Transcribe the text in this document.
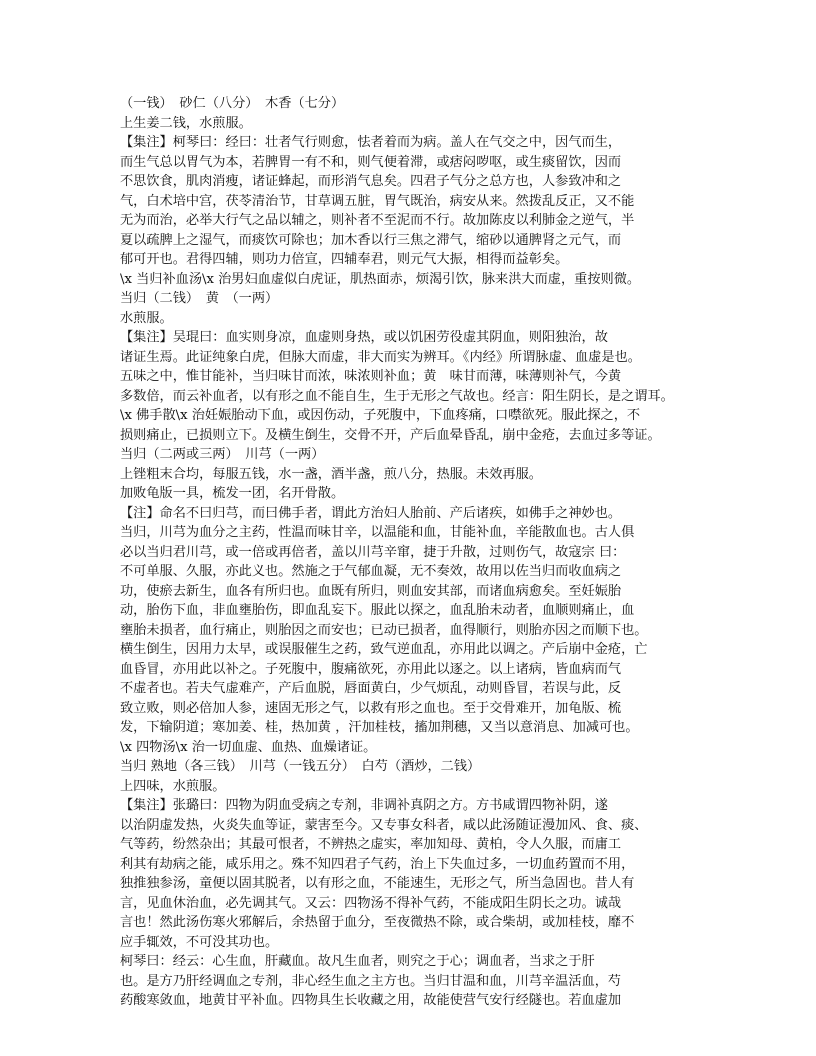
（一钱）　砂仁（八分）　木香（七分）
上生姜二钱，水煎服。
【集注】柯琴曰：经曰：壮者气行则愈，怯者着而为病。盖人在气交之中，因气而生，
而生气总以胃气为本，若脾胃一有不和，则气便着滞，或痞闷哕呕，或生痰留饮，因而
不思饮食，肌肉消瘦，诸证蜂起，而形消气息矣。四君子气分之总方也，人参致冲和之
气，白术培中宫，茯苓清治节，甘草调五脏，胃气既治，病安从来。然拨乱反正，又不能
无为而治，必举大行气之品以辅之，则补者不至泥而不行。故加陈皮以利肺金之逆气，半
夏以疏脾上之湿气，而痰饮可除也；加木香以行三焦之滞气，缩砂以通脾肾之元气，而
郁可开也。君得四辅，则功力倍宣，四辅奉君，则元气大振，相得而益彰矣。
\x 当归补血汤\x 治男妇血虚似白虎证，肌热面赤，烦渴引饮，脉来洪大而虚，重按则微。
当归（二钱）　黄　（一两）
水煎服。
【集注】吴琨曰：血实则身凉，血虚则身热，或以饥困劳役虚其阴血，则阳独治，故
诸证生焉。此证纯象白虎，但脉大而虚，非大而实为辨耳。《内经》所谓脉虚、血虚是也。
五味之中，惟甘能补，当归味甘而浓，味浓则补血；黄　味甘而薄，味薄则补气，今黄
多数倍，而云补血者，以有形之血不能自生，生于无形之气故也。经言：阳生阴长，是之谓耳。
\x 佛手散\x 治妊娠胎动下血，或因伤动，子死腹中，下血疼痛，口噤欲死。服此探之，不
损则痛止，已损则立下。及横生倒生，交骨不开，产后血晕昏乱，崩中金疮，去血过多等证。
当归（二两或三两）　川芎（一两）
上锉粗末合均，每服五钱，水一盏，酒半盏，煎八分，热服。未效再服。
加败龟版一具，梳发一团，名开骨散。
【注】命名不曰归芎，而曰佛手者，谓此方治妇人胎前、产后诸疾，如佛手之神妙也。
当归，川芎为血分之主药，性温而味甘辛，以温能和血，甘能补血，辛能散血也。古人俱
必以当归君川芎，或一倍或再倍者，盖以川芎辛窜，捷于升散，过则伤气，故寇宗 曰：
不可单服、久服，亦此义也。然施之于气郁血凝，无不奏效，故用以佐当归而收血病之
功，使瘀去新生，血各有所归也。血既有所归，则血安其部，而诸血病愈矣。至妊娠胎
动，胎伤下血，非血壅胎伤，即血乱妄下。服此以探之，血乱胎未动者，血顺则痛止，血
壅胎未损者，血行痛止，则胎因之而安也；已动已损者，血得顺行，则胎亦因之而顺下也。
横生倒生，因用力太早，或误服催生之药，致气逆血乱，亦用此以调之。产后崩中金疮，亡
血昏冒，亦用此以补之。子死腹中，腹痛欲死，亦用此以逐之。以上诸病，皆血病而气
不虚者也。若夫气虚难产，产后血脱，唇面黄白，少气烦乱，动则昏冒，若误与此，反
致立败，则必倍加人参，速固无形之气，以救有形之血也。至于交骨难开，加龟版、梳
发，下输阴道；寒加姜、桂，热加黄 ，汗加桂枝，搐加荆穗，又当以意消息、加减可也。
\x 四物汤\x 治一切血虚、血热、血燥诸证。
当归 熟地（各三钱）　川芎（一钱五分）　白芍（酒炒，二钱）
上四味，水煎服。
【集注】张璐曰：四物为阴血受病之专剂，非调补真阴之方。方书咸谓四物补阴，遂
以治阴虚发热，火炎失血等证，蒙害至今。又专事女科者，咸以此汤随证漫加风、食、痰、
气等药，纷然杂出；其最可恨者，不辨热之虚实，率加知母、黄柏，令人久服，而庸工
利其有劫病之能，咸乐用之。殊不知四君子气药，治上下失血过多，一切血药置而不用，
独推独参汤，童便以固其脱者，以有形之血，不能速生，无形之气，所当急固也。昔人有
言，见血休治血，必先调其气。又云：四物汤不得补气药，不能成阳生阴长之功。诚哉
言也！然此汤伤寒火邪解后，余热留于血分，至夜微热不除，或合柴胡，或加桂枝，靡不
应手辄效，不可没其功也。
柯琴曰：经云：心生血，肝藏血。故凡生血者，则究之于心；调血者，当求之于肝
也。是方乃肝经调血之专剂，非心经生血之主方也。当归甘温和血，川芎辛温活血，芍
药酸寒敛血，地黄甘平补血。四物具生长收藏之用，故能使营气安行经隧也。若血虚加
